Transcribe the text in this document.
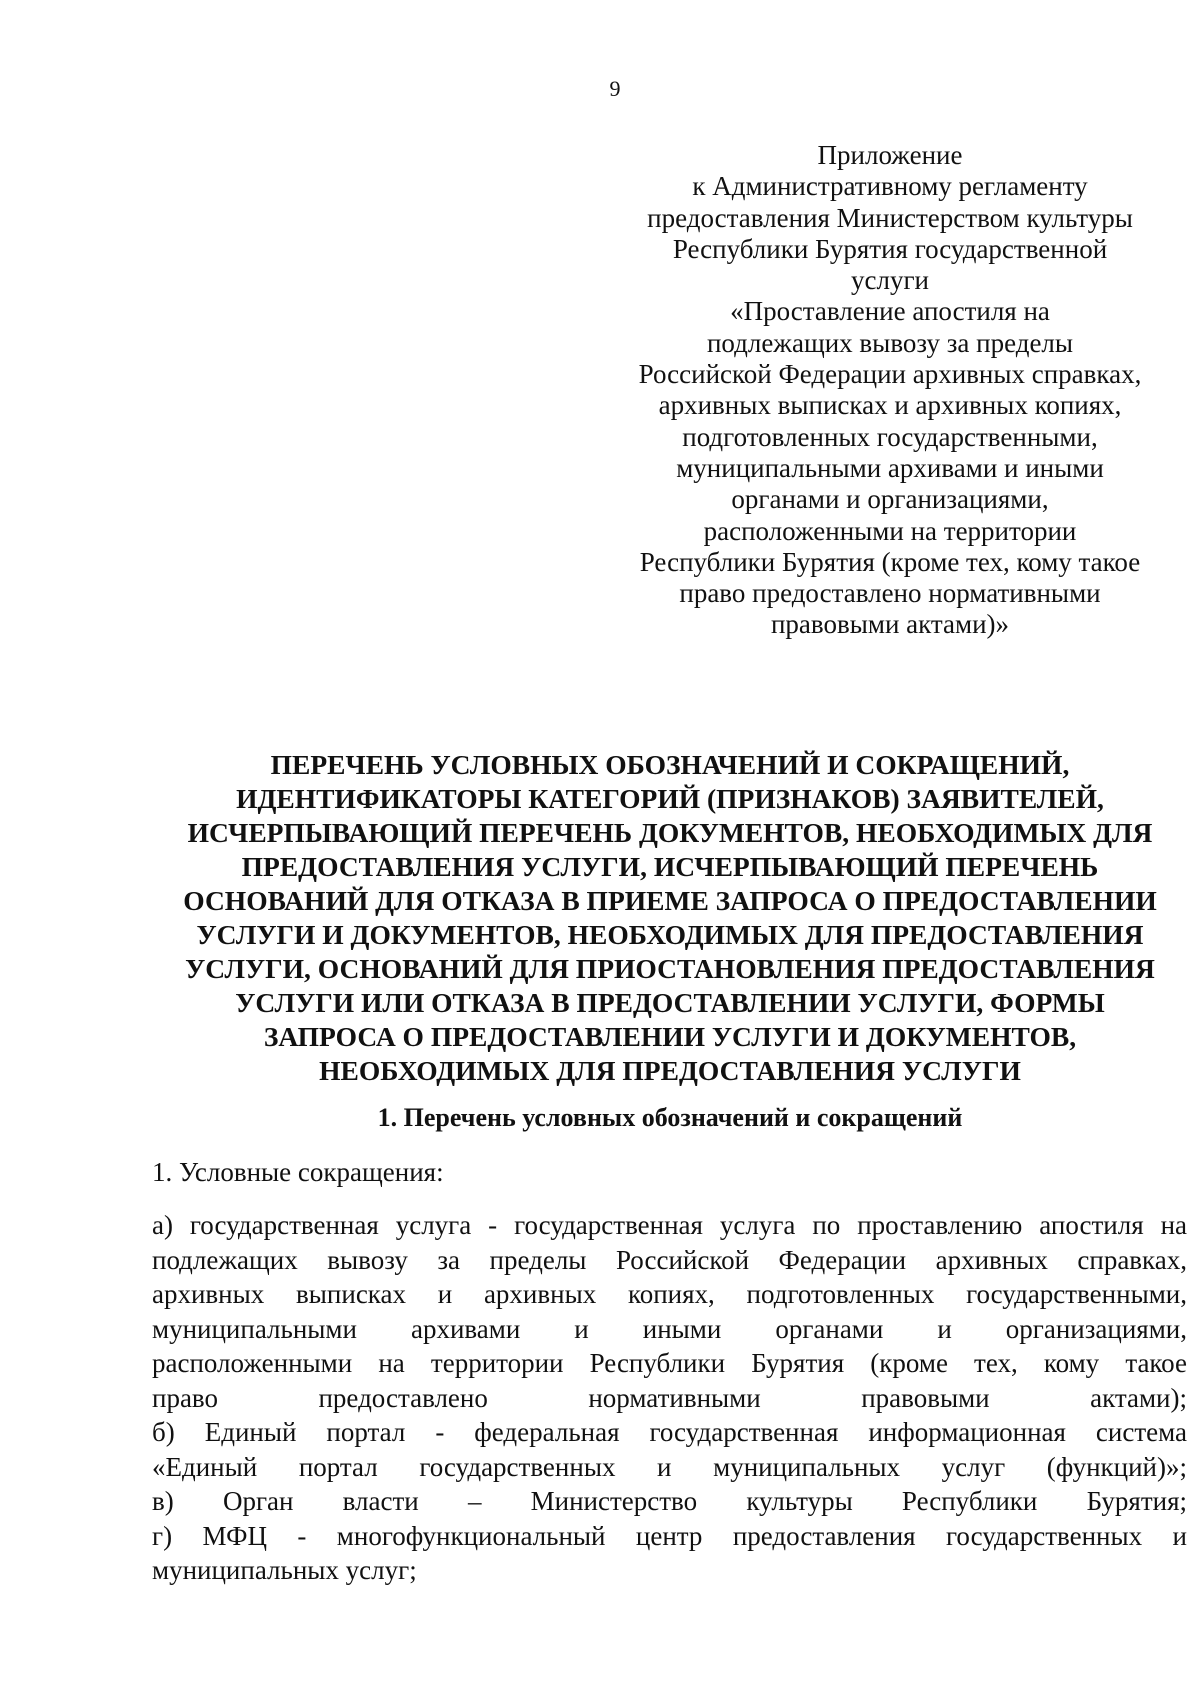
9
Приложение
к Административному регламенту
предоставления Министерством культуры
Республики Бурятия государственной
услуги
«Проставление апостиля на
подлежащих вывозу за пределы
Российской Федерации архивных справках,
архивных выписках и архивных копиях,
подготовленных государственными,
муниципальными архивами и иными
органами и организациями,
расположенными на территории
Республики Бурятия (кроме тех, кому такое
право предоставлено нормативными
правовыми актами)»
ПЕРЕЧЕНЬ УСЛОВНЫХ ОБОЗНАЧЕНИЙ И СОКРАЩЕНИЙ,
ИДЕНТИФИКАТОРЫ КАТЕГОРИЙ (ПРИЗНАКОВ) ЗАЯВИТЕЛЕЙ,
ИСЧЕРПЫВАЮЩИЙ ПЕРЕЧЕНЬ ДОКУМЕНТОВ, НЕОБХОДИМЫХ ДЛЯ
ПРЕДОСТАВЛЕНИЯ УСЛУГИ, ИСЧЕРПЫВАЮЩИЙ ПЕРЕЧЕНЬ
ОСНОВАНИЙ ДЛЯ ОТКАЗА В ПРИЕМЕ ЗАПРОСА О ПРЕДОСТАВЛЕНИИ
УСЛУГИ И ДОКУМЕНТОВ, НЕОБХОДИМЫХ ДЛЯ ПРЕДОСТАВЛЕНИЯ
УСЛУГИ, ОСНОВАНИЙ ДЛЯ ПРИОСТАНОВЛЕНИЯ ПРЕДОСТАВЛЕНИЯ
УСЛУГИ ИЛИ ОТКАЗА В ПРЕДОСТАВЛЕНИИ УСЛУГИ, ФОРМЫ
ЗАПРОСА О ПРЕДОСТАВЛЕНИИ УСЛУГИ И ДОКУМЕНТОВ,
НЕОБХОДИМЫХ ДЛЯ ПРЕДОСТАВЛЕНИЯ УСЛУГИ
1. Перечень условных обозначений и сокращений
1. Условные сокращения:
а) государственная услуга - государственная услуга по проставлению апостиля на
подлежащих вывозу за пределы Российской Федерации архивных справках,
архивных выписках и архивных копиях, подготовленных государственными,
муниципальными архивами и иными органами и организациями,
расположенными на территории Республики Бурятия (кроме тех, кому такое
право предоставлено нормативными правовыми актами);
б) Единый портал - федеральная государственная информационная система
«Единый портал государственных и муниципальных услуг (функций)»;
в) Орган власти – Министерство культуры Республики Бурятия;
г) МФЦ - многофункциональный центр предоставления государственных и
муниципальных услуг;
